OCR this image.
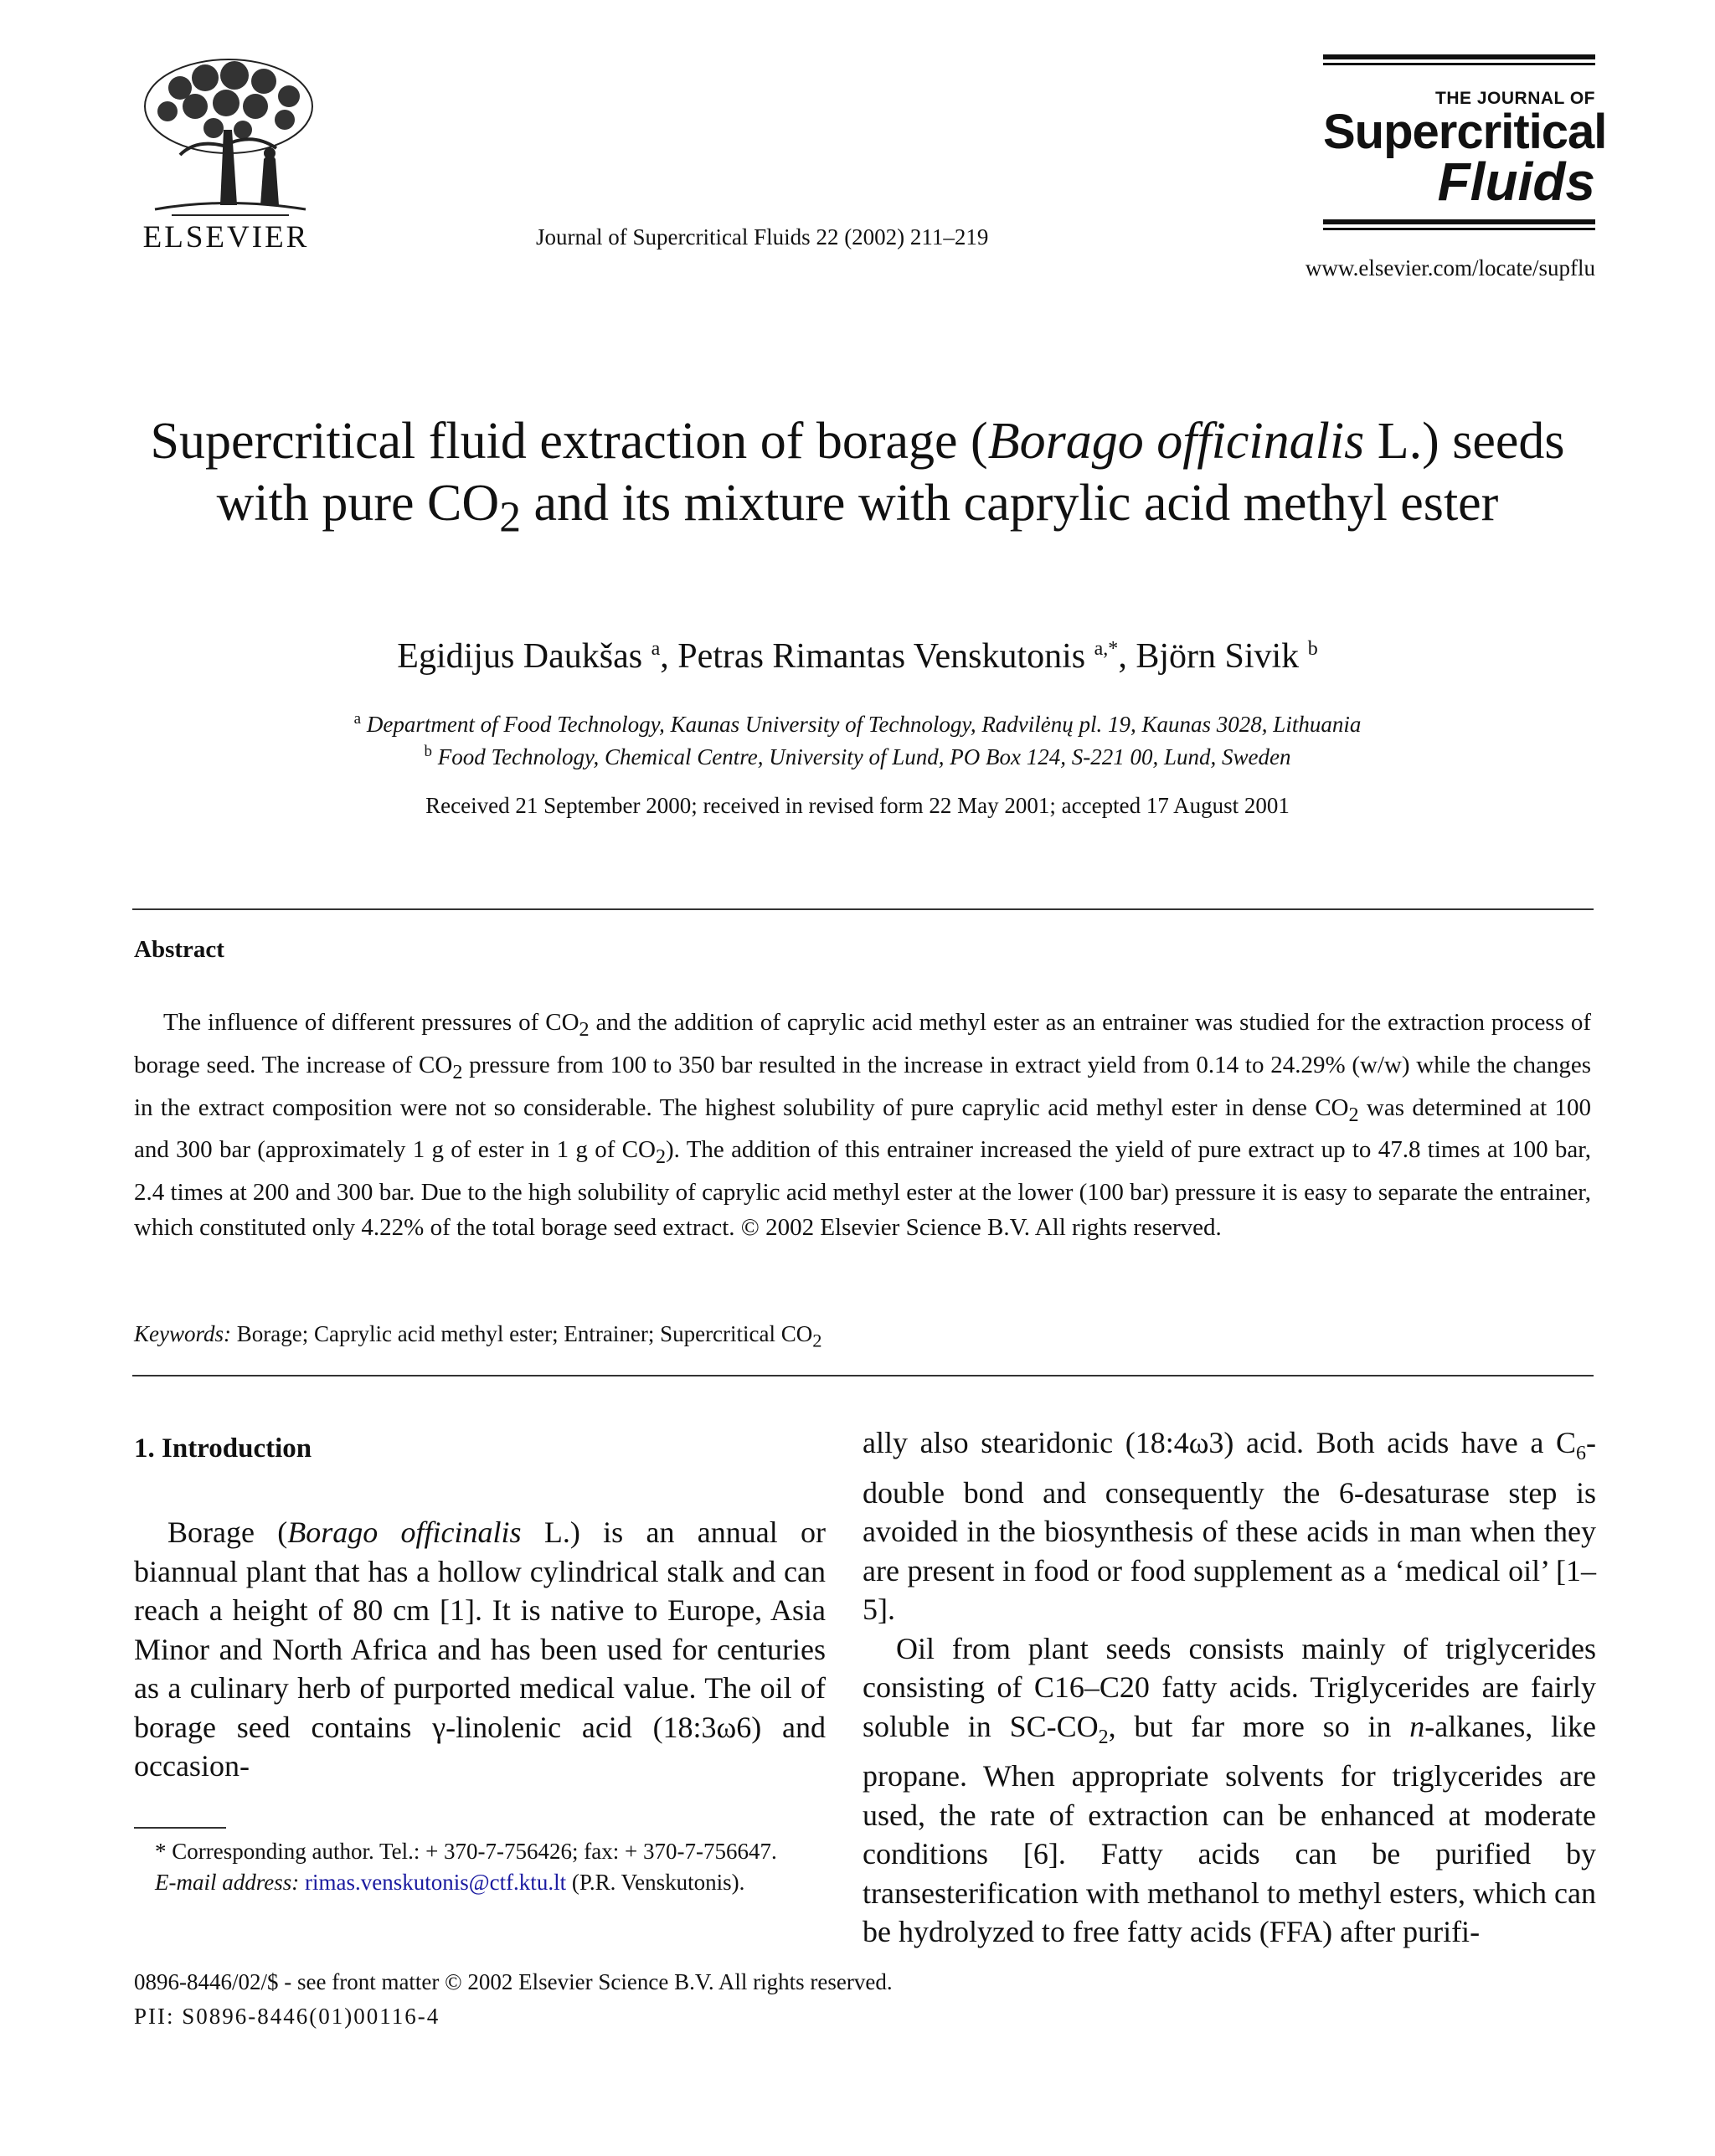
ELSEVIER	Journal of Supercritical Fluids 22 (2002) 211–219
THE JOURNAL OF
Supercritical
Fluids
www.elsevier.com/locate/supflu
Supercritical fluid extraction of borage (Borago officinalis L.) seeds with pure $CO_2$ and its mixture with caprylic acid methyl ester
Egidijus Daukšas $^a$, Petras Rimantas Venskutonis $^{a,*}$, Björn Sivik $^b$
$^a$ Department of Food Technology, Kaunas University of Technology, Radvilėnų pl. 19, Kaunas 3028, Lithuania
$^b$ Food Technology, Chemical Centre, University of Lund, PO Box 124, S-221 00, Lund, Sweden
Received 21 September 2000; received in revised form 22 May 2001; accepted 17 August 2001
Abstract
The influence of different pressures of $CO_2$ and the addition of caprylic acid methyl ester as an entrainer was studied for the extraction process of borage seed. The increase of $CO_2$ pressure from 100 to 350 bar resulted in the increase in extract yield from 0.14 to 24.29% (w/w) while the changes in the extract composition were not so considerable. The highest solubility of pure caprylic acid methyl ester in dense $CO_2$ was determined at 100 and 300 bar (approximately 1 g of ester in 1 g of $CO_2$). The addition of this entrainer increased the yield of pure extract up to 47.8 times at 100 bar, 2.4 times at 200 and 300 bar. Due to the high solubility of caprylic acid methyl ester at the lower (100 bar) pressure it is easy to separate the entrainer, which constituted only 4.22% of the total borage seed extract. © 2002 Elsevier Science B.V. All rights reserved.
Keywords: Borage; Caprylic acid methyl ester; Entrainer; Supercritical $CO_2$
1. Introduction

Borage (Borago officinalis L.) is an annual or biannual plant that has a hollow cylindrical stalk and can reach a height of 80 cm [1]. It is native to Europe, Asia Minor and North Africa and has been used for centuries as a culinary herb of purported medical value. The oil of borage seed contains γ-linolenic acid (18:3ω6) and occasion-

* Corresponding author. Tel.: + 370-7-756426; fax: + 370-7-756647.
E-mail address: rimas.venskutonis@ctf.ktu.lt (P.R. Venskutonis).

ally also stearidonic (18:4ω3) acid. Both acids have a $C_6$-double bond and consequently the 6-desaturase step is avoided in the biosynthesis of these acids in man when they are present in food or food supplement as a ‘medical oil’ [1–5].

Oil from plant seeds consists mainly of triglycerides consisting of C16–C20 fatty acids. Triglycerides are fairly soluble in $SC-CO_2$, but far more so in n-alkanes, like propane. When appropriate solvents for triglycerides are used, the rate of extraction can be enhanced at moderate conditions [6]. Fatty acids can be purified by transesterification with methanol to methyl esters, which can be hydrolyzed to free fatty acids (FFA) after purifi-

0896-8446/02/$ - see front matter © 2002 Elsevier Science B.V. All rights reserved.
PII: S0896-8446(01)00116-4
